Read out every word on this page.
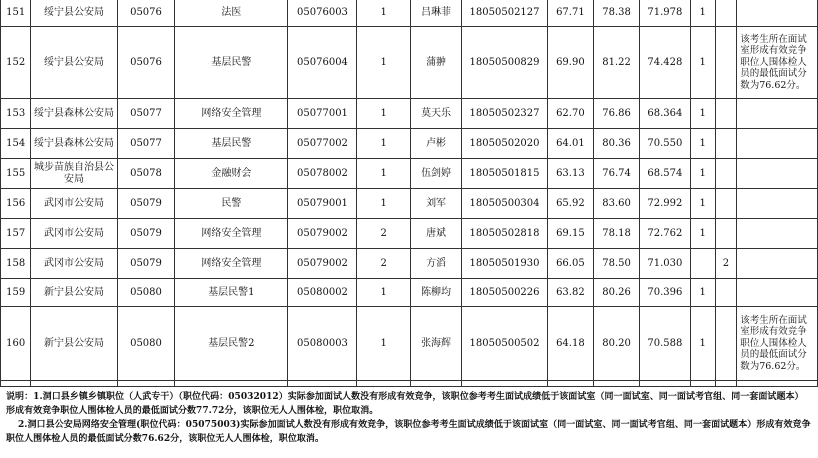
151	绥宁县公安局	05076	法医	05076003	1	吕琳菲	18050502127	67.71	78.38	71.978	1		
152	绥宁县公安局	05076	基层民警	05076004	1	蒲翀	18050500829	69.90	81.22	74.428	1		该考生所在面试室形成有效竞争职位人围体检人员的最低面试分数为76.62分。
153	绥宁县森林公安局	05077	网络安全管理	05077001	1	莫天乐	18050502327	62.70	76.86	68.364	1		
154	绥宁县森林公安局	05077	基层民警	05077002	1	卢彬	18050502020	64.01	80.36	70.550	1		
155	城步苗族自治县公安局	05078	金融财会	05078002	1	伍剑婷	18050501815	63.13	76.74	68.574	1		
156	武冈市公安局	05079	民警	05079001	1	刘军	18050500304	65.92	83.60	72.992	1		
157	武冈市公安局	05079	网络安全管理	05079002	2	唐斌	18050502818	69.15	78.18	72.762	1		
158	武冈市公安局	05079	网络安全管理	05079002	2	方滔	18050501930	66.05	78.50	71.030		2	
159	新宁县公安局	05080	基层民警1	05080002	1	陈柳均	18050500226	63.82	80.26	70.396	1		
160	新宁县公安局	05080	基层民警2	05080003	1	张海辉	18050500502	64.18	80.20	70.588	1		该考生所在面试室形成有效竞争职位人围体检人员的最低面试分数为76.62分。

说明：1.洞口县乡镇乡镇职位（人武专干）（职位代码：05032012）实际参加面试人数没有形成有效竞争，该职位参考考生面试成绩低于该面试室（同一面试室、同一面试考官组、同一套面试题本）形成有效竞争职位人围体检人员的最低面试分数77.72分，该职位无人人围体检，职位取消。

2.洞口县公安局网络安全管理(职位代码：05075003)实际参加面试人数没有形成有效竞争，该职位参考考生面试成绩低于该面试室（同一面试室、同一面试考官组、同一套面试题本）形成有效竞争职位人围体检人员的最低面试分数76.62分，该职位无人人围体检，职位取消。
